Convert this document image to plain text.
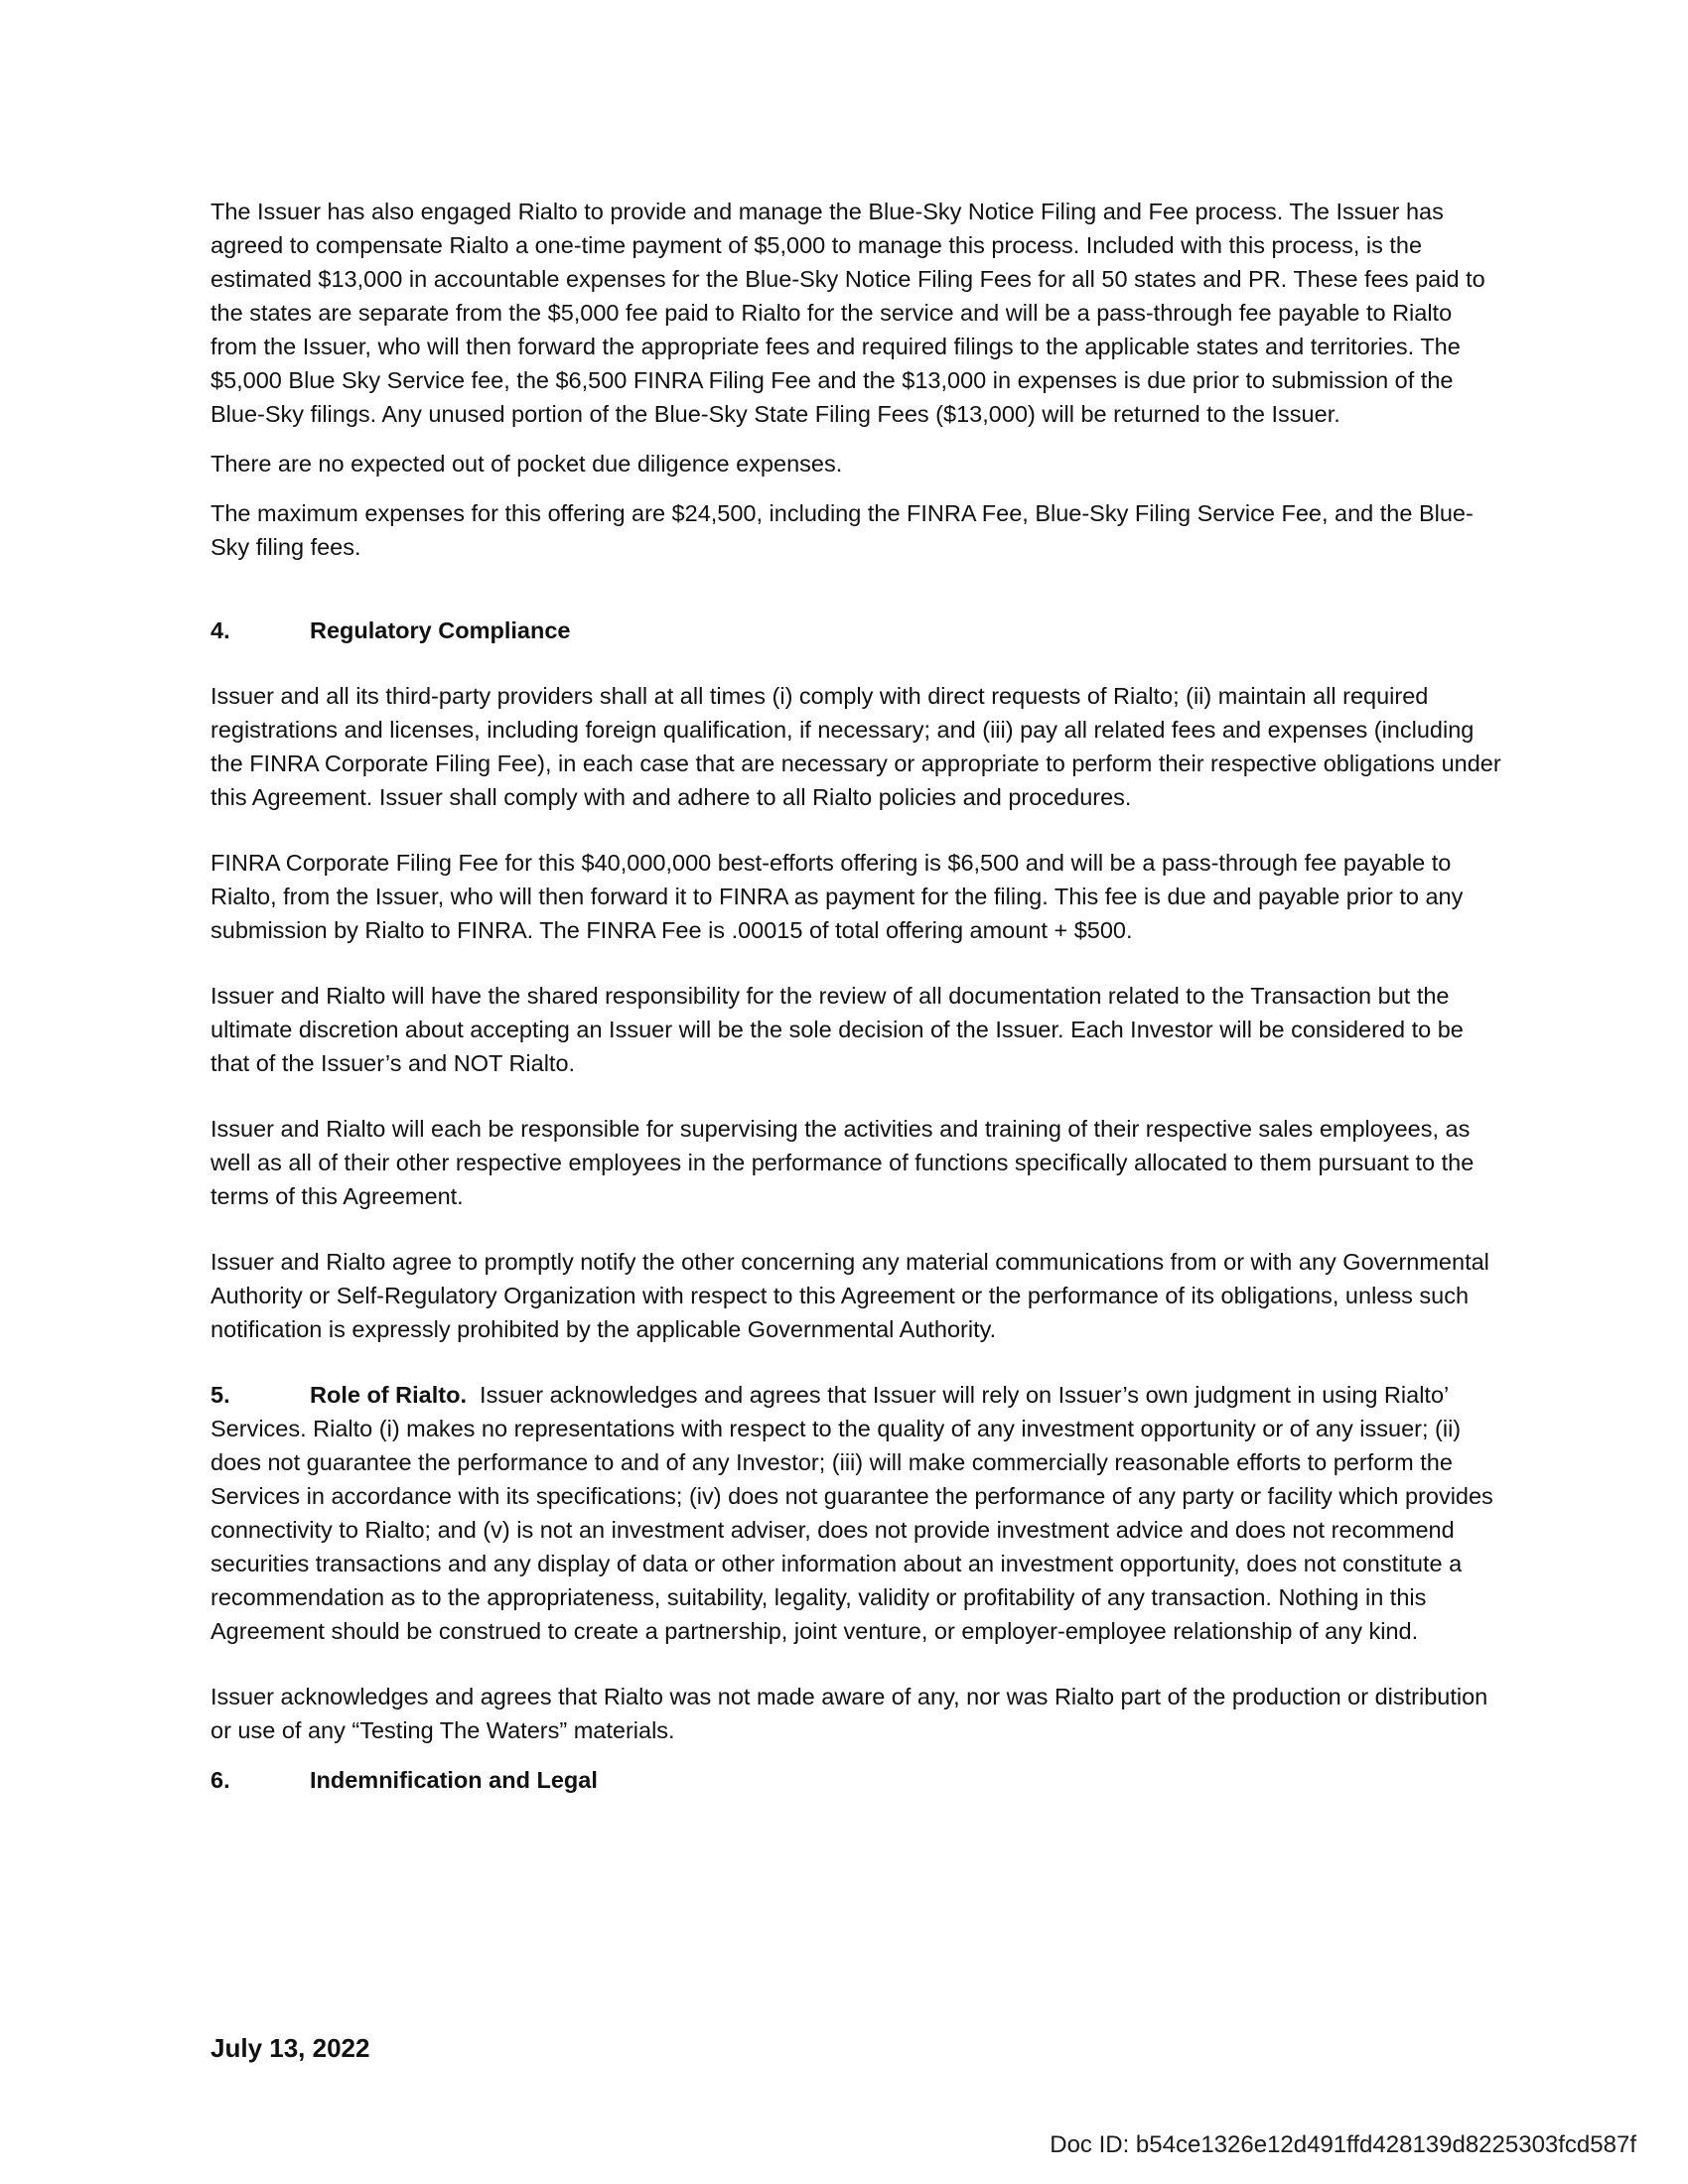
The Issuer has also engaged Rialto to provide and manage the Blue-Sky Notice Filing and Fee process. The Issuer has agreed to compensate Rialto a one-time payment of $5,000 to manage this process. Included with this process, is the estimated $13,000 in accountable expenses for the Blue-Sky Notice Filing Fees for all 50 states and PR. These fees paid to the states are separate from the $5,000 fee paid to Rialto for the service and will be a pass-through fee payable to Rialto from the Issuer, who will then forward the appropriate fees and required filings to the applicable states and territories. The $5,000 Blue Sky Service fee, the $6,500 FINRA Filing Fee and the $13,000 in expenses is due prior to submission of the Blue-Sky filings. Any unused portion of the Blue-Sky State Filing Fees ($13,000) will be returned to the Issuer.

There are no expected out of pocket due diligence expenses.

The maximum expenses for this offering are $24,500, including the FINRA Fee, Blue-Sky Filing Service Fee, and the Blue-Sky filing fees.

4.	Regulatory Compliance

Issuer and all its third-party providers shall at all times (i) comply with direct requests of Rialto; (ii) maintain all required registrations and licenses, including foreign qualification, if necessary; and (iii) pay all related fees and expenses (including the FINRA Corporate Filing Fee), in each case that are necessary or appropriate to perform their respective obligations under this Agreement. Issuer shall comply with and adhere to all Rialto policies and procedures.

FINRA Corporate Filing Fee for this $40,000,000 best-efforts offering is $6,500 and will be a pass-through fee payable to Rialto, from the Issuer, who will then forward it to FINRA as payment for the filing. This fee is due and payable prior to any submission by Rialto to FINRA. The FINRA Fee is .00015 of total offering amount + $500.

Issuer and Rialto will have the shared responsibility for the review of all documentation related to the Transaction but the ultimate discretion about accepting an Issuer will be the sole decision of the Issuer. Each Investor will be considered to be that of the Issuer’s and NOT Rialto.

Issuer and Rialto will each be responsible for supervising the activities and training of their respective sales employees, as well as all of their other respective employees in the performance of functions specifically allocated to them pursuant to the terms of this Agreement.

Issuer and Rialto agree to promptly notify the other concerning any material communications from or with any Governmental Authority or Self-Regulatory Organization with respect to this Agreement or the performance of its obligations, unless such notification is expressly prohibited by the applicable Governmental Authority.

5.	Role of Rialto. Issuer acknowledges and agrees that Issuer will rely on Issuer’s own judgment in using Rialto’ Services. Rialto (i) makes no representations with respect to the quality of any investment opportunity or of any issuer; (ii) does not guarantee the performance to and of any Investor; (iii) will make commercially reasonable efforts to perform the Services in accordance with its specifications; (iv) does not guarantee the performance of any party or facility which provides connectivity to Rialto; and (v) is not an investment adviser, does not provide investment advice and does not recommend securities transactions and any display of data or other information about an investment opportunity, does not constitute a recommendation as to the appropriateness, suitability, legality, validity or profitability of any transaction. Nothing in this Agreement should be construed to create a partnership, joint venture, or employer-employee relationship of any kind.

Issuer acknowledges and agrees that Rialto was not made aware of any, nor was Rialto part of the production or distribution or use of any “Testing The Waters” materials.

6.	Indemnification and Legal
July 13, 2022
Doc ID: b54ce1326e12d491ffd428139d8225303fcd587f
